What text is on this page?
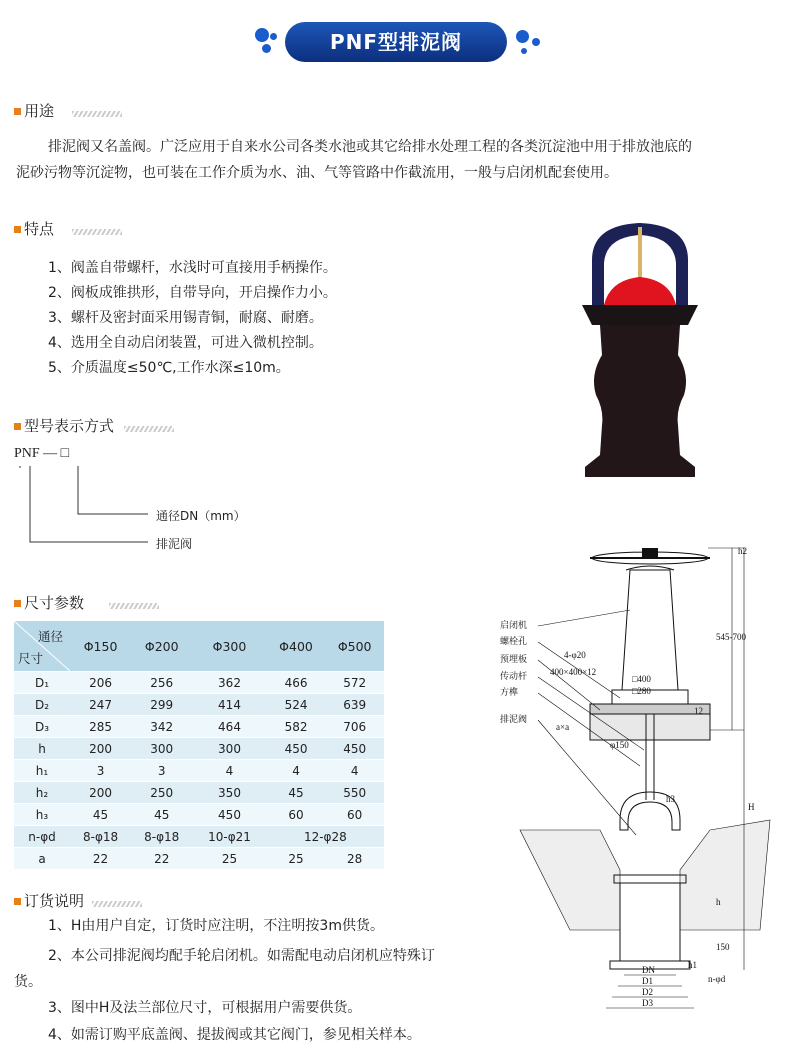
PNF型排泥阀
用途
排泥阀又名盖阀。广泛应用于自来水公司各类水池或其它给排水处理工程的各类沉淀池中用于排放池底的
泥砂污物等沉淀物，也可装在工作介质为水、油、气等管路中作截流用，一般与启闭机配套使用。
特点
1、阀盖自带螺杆，水浅时可直接用手柄操作。
2、阀板成锥拱形，自带导向，开启操作力小。
3、螺杆及密封面采用锡青铜，耐腐、耐磨。
4、选用全自动启闭装置，可进入微机控制。
5、介质温度≤50℃,工作水深≤10m。
型号表示方式
PNF — □
通径DN（mm）
排泥阀
尺寸参数
通径
尺寸	Φ150	Φ200	Φ300	Φ400	Φ500
D₁	206	256	362	466	572
D₂	247	299	414	524	639
D₃	285	342	464	582	706
h	200	300	300	450	450
h₁	3	3	4	4	4
h₂	200	250	350	45	550
h₃	45	45	450	60	60
n-φd	8-φ18	8-φ18	10-φ21	12-φ28	
a	22	22	25	25	28
订货说明
1、H由用户自定，订货时应注明，不注明按3m供货。
2、本公司排泥阀均配手轮启闭机。如需配电动启闭机应特殊订
货。
3、图中H及法兰部位尺寸，可根据用户需要供货。
4、如需订购平底盖阀、提拔阀或其它阀门，参见相关样本。
启闭机
螺栓孔
预埋板
传动杆
方榫
排泥阀
4-φ20
400×400×12
□400
□280
12
a×a
φ150
h2
545-700
H
h3
h
150
h1
n-φd
DN
D1
D2
D3
